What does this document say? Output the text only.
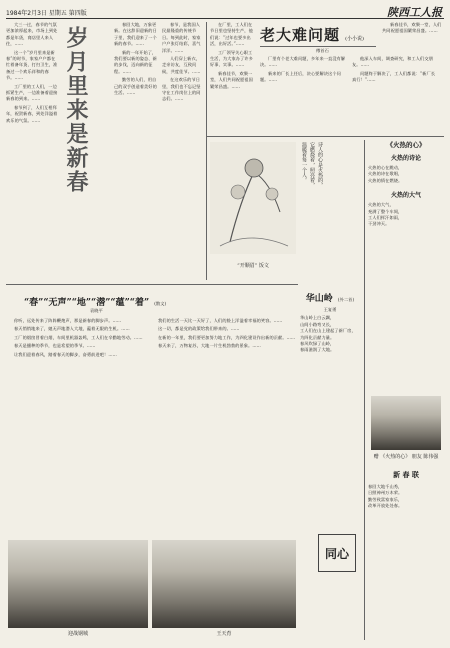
1984年2月3日 星期五 第四版	陕西工人报

大三一过，春节的气氛更加浓厚起来，市场上到处都是年货，商店里人来人往，……

这一个“岁月里来是新春”的时节，家家户户都在忙着备年货，打扫卫生，准备过一个欢乐祥和的春节。……

工厂里的工人们，一边抓紧生产，一边准备着迎接新春的到来。……

春节到了，人们互相拜年，祝贺新春，到处洋溢着欢乐的气氛。……	岁月里来是新春

春回大地，万象更新。在这辞旧迎新的日子里，我们迎来了一个新的春节。……

新的一年开始了，我们要以新的姿态、新的步伐，迈向新的征程。……

勤劳的人们，用自己的双手创造着美好的生活。……

春节，是我国人民最隆重的传统节日。每到此时，家家户户张灯结彩，喜气洋洋。……

人们穿上新衣，走亲访友，互致问候，共度佳节。……

在这欢乐的节日里，我们也不忘记坚守在工作岗位上的同志们。……

在厂里，工人们在节日里也坚持生产，他们说：“过年也要多出活，出好活。”……

工厂领导关心职工生活，为大家办了许多好事、实事。……

新春佳节，欢聚一堂，人们共同祝愿祖国繁荣昌盛。……

老大难问题 (小小说)
傅首石

厂里有个老大难问题，多年来一直没有解决。……

新来的厂长上任后，决心要解决这个问题。……

他深入车间，调查研究，和工人们交朋友。……

问题终于解决了，工人们都说：“新厂长真行！”……

新春佳节，欢聚一堂，人们共同祝愿祖国繁荣昌盛。……

“开顺眉” 饭文
诗人的心是火热的，
它燃烧着，照亮着，
温暖着每一个人。	《火热的心》
火热的诗论
火热的心在跳动，
火热的诗在歌唱，
火热的情在燃烧。
火热的大气
火热的大气，
充满了整个车间，
工人们挥汗如雨，
干劲冲天。
赠 《火热的心》 朋友 陈伟强
新 春 联
春回大地千山秀，
日照神州万木荣。
勤劳致富家家乐，
改革开放处处春。
华山岭 (外二首)
王复勇
华山岭上白云飘，
山间小路弯又长，
工人们在山上建起了新厂房，
为四化贡献力量。
春风吹绿了山岭，
春雨滋润了大地。
同心
“春”“无声”“地”“潜”“蕴”“着” (散文)
袁晓平

你听，远处传来了阵阵鞭炮声，那是新春的脚步声。……

春天悄悄地来了，她无声地潜入大地，蕴着无限的生机。……

工厂的烟囱冒着白烟，车间里机器轰鸣，工人们在辛勤地劳动。……

春天是播种的季节，也是希望的季节。……

让我们迎着春风，踏着春天的脚步，奋勇前进吧！……

我们的生活一天比一天好了，人们的脸上洋溢着幸福的笑容。……

这一切，都是党的政策给我们带来的。……

在新的一年里，我们要更加努力地工作，为四化建设作出新的贡献。……

春天来了，万物复苏，大地一片生机勃勃的景象。……

迎战钢城	王天育
